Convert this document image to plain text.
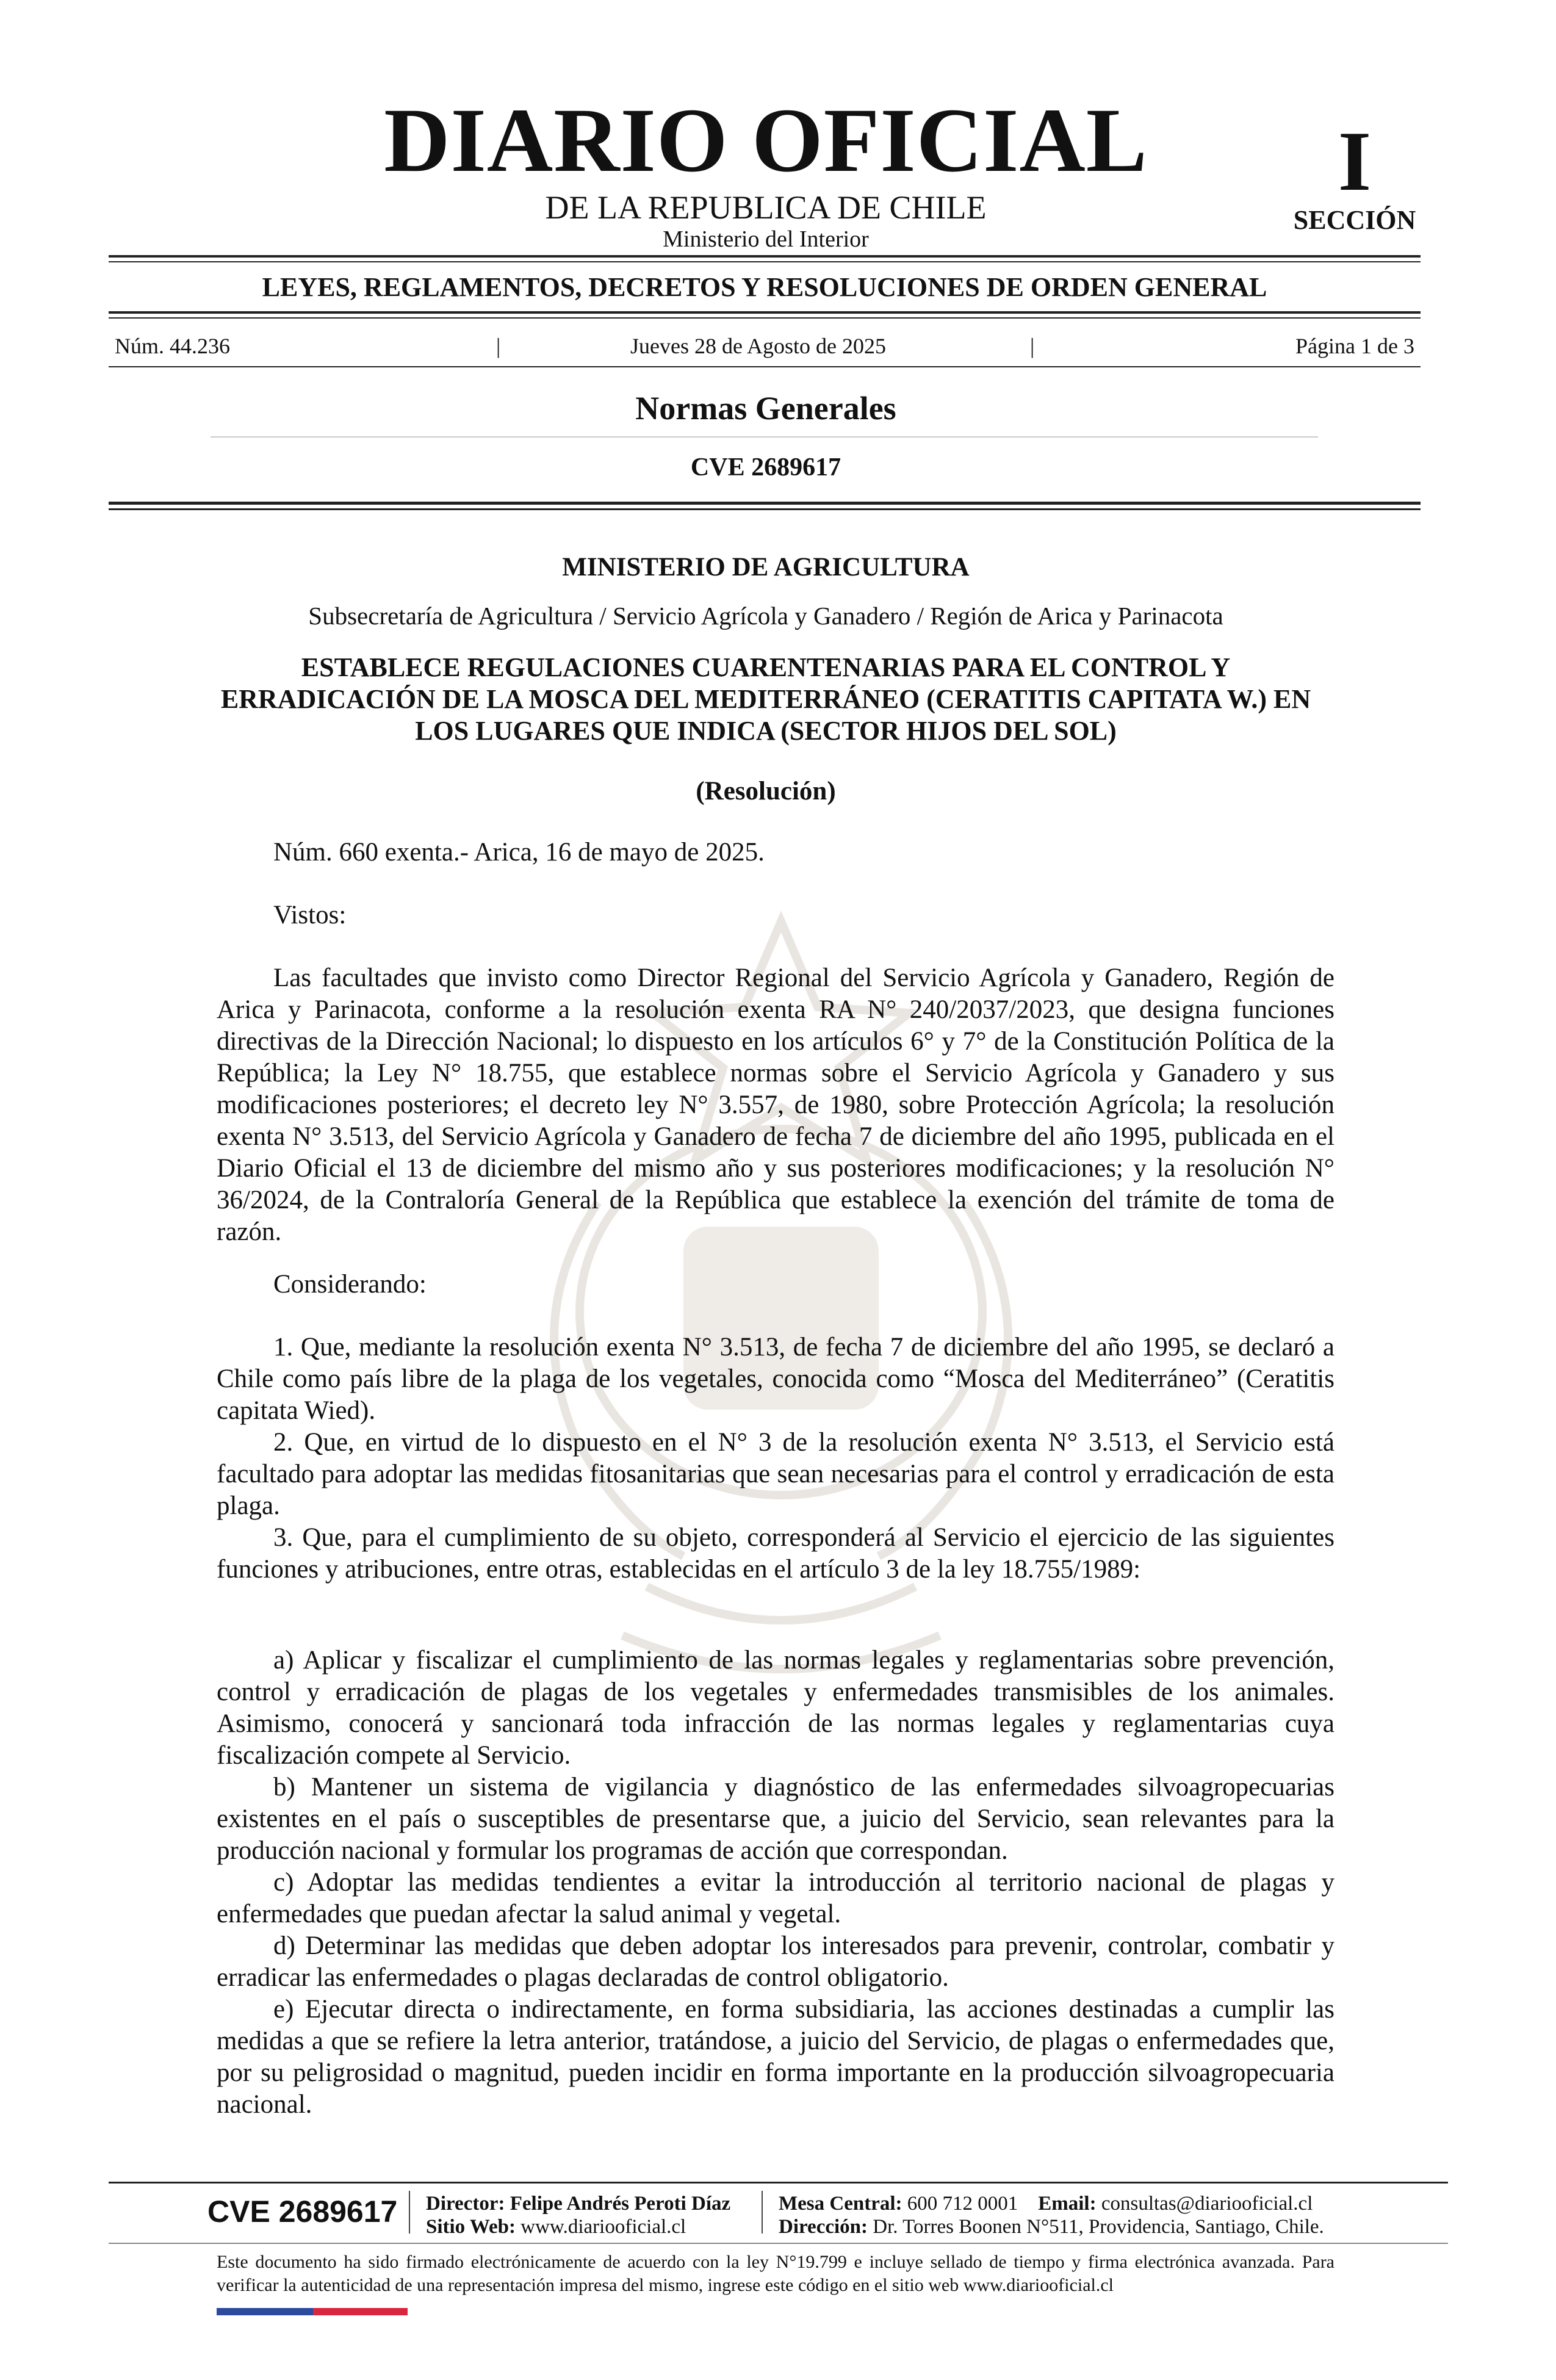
DIARIO OFICIAL
DE LA REPUBLICA DE CHILE
Ministerio del Interior
I
SECCIÓN
LEYES, REGLAMENTOS, DECRETOS Y RESOLUCIONES DE ORDEN GENERAL
Núm. 44.236	|	Jueves 28 de Agosto de 2025	|	Página 1 de 3
Normas Generales
CVE 2689617
MINISTERIO DE AGRICULTURA
Subsecretaría de Agricultura / Servicio Agrícola y Ganadero / Región de Arica y Parinacota
ESTABLECE REGULACIONES CUARENTENARIAS PARA EL CONTROL Y ERRADICACIÓN DE LA MOSCA DEL MEDITERRÁNEO (CERATITIS CAPITATA W.) EN LOS LUGARES QUE INDICA (SECTOR HIJOS DEL SOL)
(Resolución)
Núm. 660 exenta.- Arica, 16 de mayo de 2025.
Vistos:

Las facultades que invisto como Director Regional del Servicio Agrícola y Ganadero, Región de Arica y Parinacota, conforme a la resolución exenta RA N° 240/2037/2023, que designa funciones directivas de la Dirección Nacional; lo dispuesto en los artículos 6° y 7° de la Constitución Política de la República; la Ley N° 18.755, que establece normas sobre el Servicio Agrícola y Ganadero y sus modificaciones posteriores; el decreto ley N° 3.557, de 1980, sobre Protección Agrícola; la resolución exenta N° 3.513, del Servicio Agrícola y Ganadero de fecha 7 de diciembre del año 1995, publicada en el Diario Oficial el 13 de diciembre del mismo año y sus posteriores modificaciones; y la resolución N° 36/2024, de la Contraloría General de la República que establece la exención del trámite de toma de razón.

Considerando:

1. Que, mediante la resolución exenta N° 3.513, de fecha 7 de diciembre del año 1995, se declaró a Chile como país libre de la plaga de los vegetales, conocida como “Mosca del Mediterráneo” (Ceratitis capitata Wied).

2. Que, en virtud de lo dispuesto en el N° 3 de la resolución exenta N° 3.513, el Servicio está facultado para adoptar las medidas fitosanitarias que sean necesarias para el control y erradicación de esta plaga.

3. Que, para el cumplimiento de su objeto, corresponderá al Servicio el ejercicio de las siguientes funciones y atribuciones, entre otras, establecidas en el artículo 3 de la ley 18.755/1989:

a) Aplicar y fiscalizar el cumplimiento de las normas legales y reglamentarias sobre prevención, control y erradicación de plagas de los vegetales y enfermedades transmisibles de los animales. Asimismo, conocerá y sancionará toda infracción de las normas legales y reglamentarias cuya fiscalización compete al Servicio.

b) Mantener un sistema de vigilancia y diagnóstico de las enfermedades silvoagropecuarias existentes en el país o susceptibles de presentarse que, a juicio del Servicio, sean relevantes para la producción nacional y formular los programas de acción que correspondan.

c) Adoptar las medidas tendientes a evitar la introducción al territorio nacional de plagas y enfermedades que puedan afectar la salud animal y vegetal.

d) Determinar las medidas que deben adoptar los interesados para prevenir, controlar, combatir y erradicar las enfermedades o plagas declaradas de control obligatorio.

e) Ejecutar directa o indirectamente, en forma subsidiaria, las acciones destinadas a cumplir las medidas a que se refiere la letra anterior, tratándose, a juicio del Servicio, de plagas o enfermedades que, por su peligrosidad o magnitud, pueden incidir en forma importante en la producción silvoagropecuaria nacional.

CVE 2689617 Director: Felipe Andrés Peroti Díaz
Sitio Web: www.diariooficial.cl
Mesa Central: 600 712 0001 Email: consultas@diariooficial.cl
Dirección: Dr. Torres Boonen N°511, Providencia, Santiago, Chile.
Este documento ha sido firmado electrónicamente de acuerdo con la ley N°19.799 e incluye sellado de tiempo y firma electrónica avanzada. Para verificar la autenticidad de una representación impresa del mismo, ingrese este código en el sitio web www.diariooficial.cl
